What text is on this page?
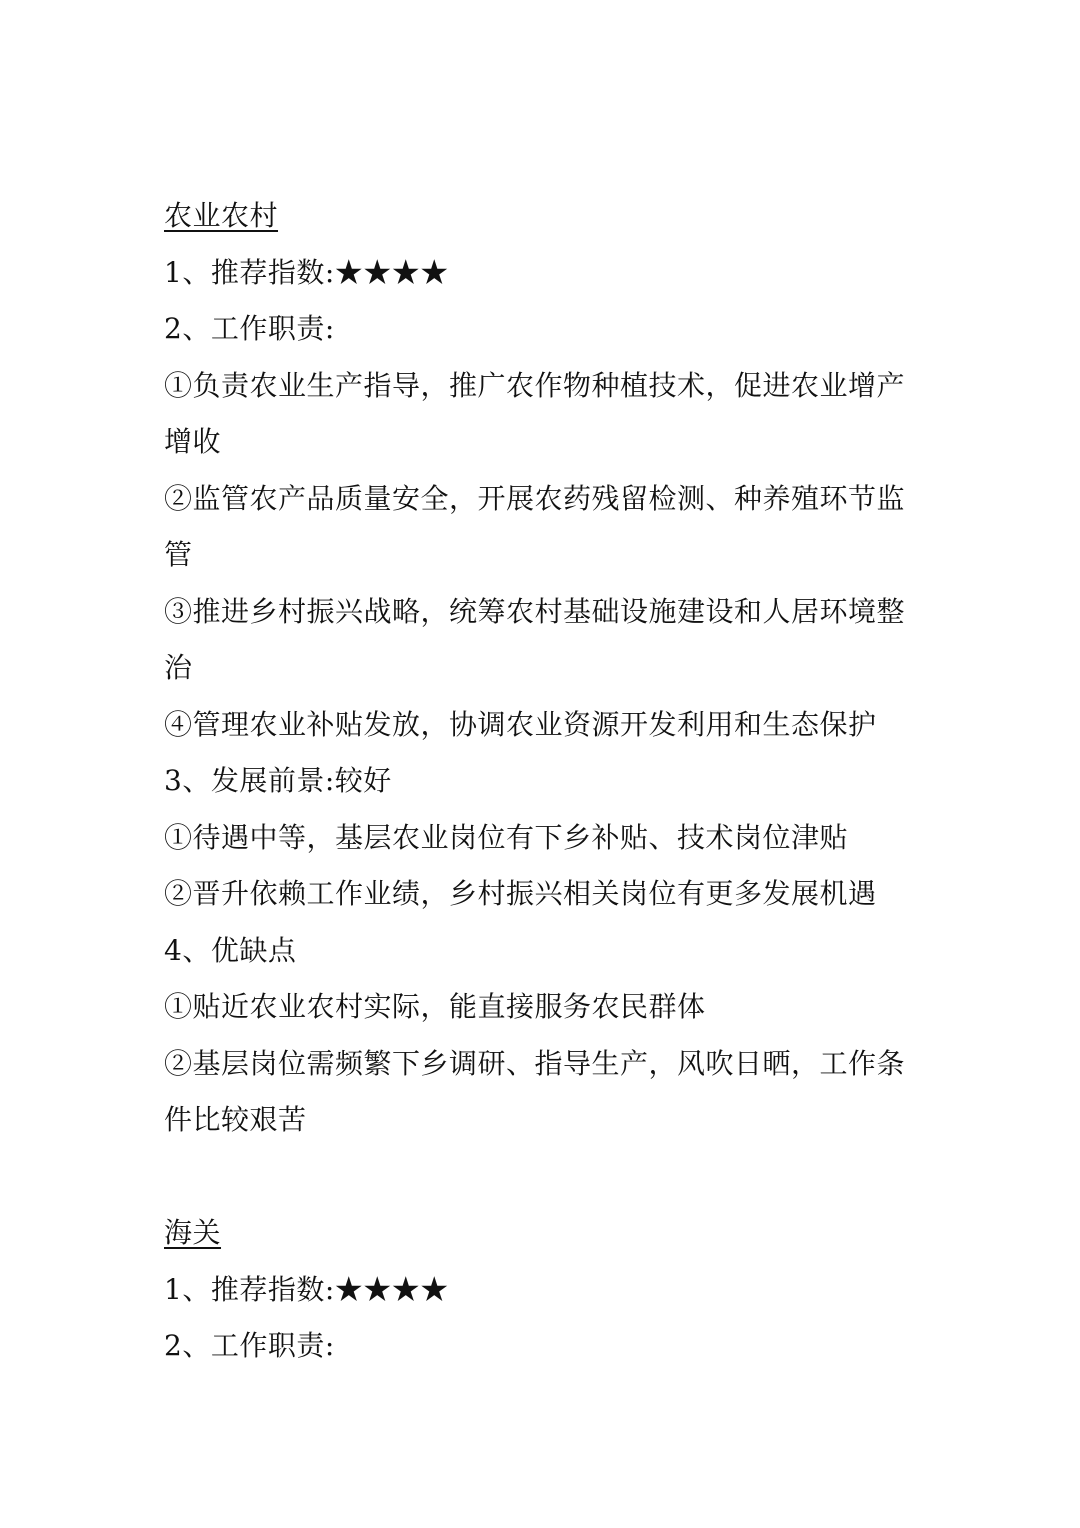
农业农村
1、推荐指数:★★★★
2、工作职责:
①负责农业生产指导，推广农作物种植技术，促进农业增产
增收
②监管农产品质量安全，开展农药残留检测、种养殖环节监
管
③推进乡村振兴战略，统筹农村基础设施建设和人居环境整
治
④管理农业补贴发放，协调农业资源开发利用和生态保护
3、发展前景:较好
①待遇中等，基层农业岗位有下乡补贴、技术岗位津贴
②晋升依赖工作业绩，乡村振兴相关岗位有更多发展机遇
4、优缺点
①贴近农业农村实际，能直接服务农民群体
②基层岗位需频繁下乡调研、指导生产，风吹日晒，工作条
件比较艰苦
海关
1、推荐指数:★★★★
2、工作职责:
